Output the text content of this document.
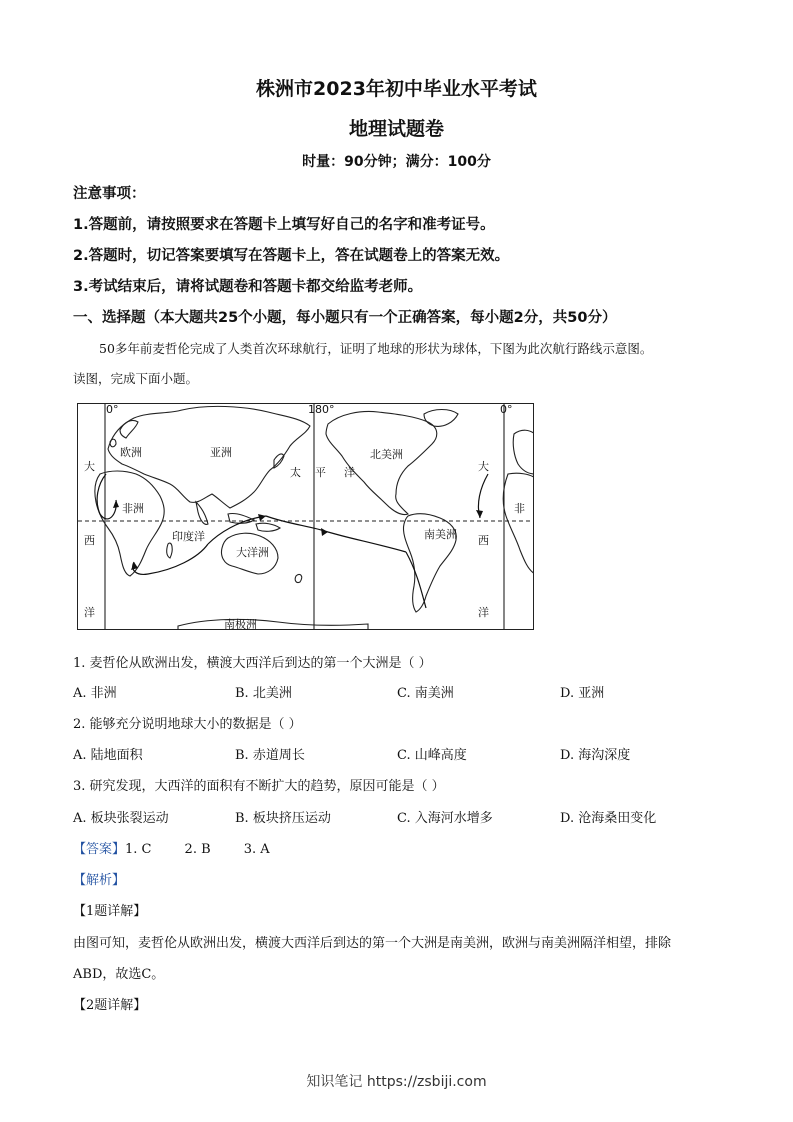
株洲市2023年初中毕业水平考试
地理试题卷
时量：90分钟；满分：100分
注意事项：
1.答题前，请按照要求在答题卡上填写好自己的名字和准考证号。
2.答题时，切记答案要填写在答题卡上，答在试题卷上的答案无效。
3.考试结束后，请将试题卷和答题卡都交给监考老师。
一、选择题（本大题共25个小题，每小题只有一个正确答案，每小题2分，共50分）
50多年前麦哲伦完成了人类首次环球航行，证明了地球的形状为球体，下图为此次航行路线示意图。
读图，完成下面小题。
0°	180°	0°
欧洲	亚洲	北美洲
非洲	非
太 平 洋
印度洋
大洋洲
南美洲
南极洲
大
西
洋
大
西
洋
1. 麦哲伦从欧洲出发，横渡大西洋后到达的第一个大洲是（ ）
A. 非洲	B. 北美洲	C. 南美洲	D. 亚洲
2. 能够充分说明地球大小的数据是（ ）
A. 陆地面积	B. 赤道周长	C. 山峰高度	D. 海沟深度
3. 研究发现，大西洋的面积有不断扩大的趋势，原因可能是（ ）
A. 板块张裂运动	B. 板块挤压运动	C. 入海河水增多	D. 沧海桑田变化
【答案】1. C        2. B        3. A
【解析】
【1题详解】
由图可知，麦哲伦从欧洲出发，横渡大西洋后到达的第一个大洲是南美洲，欧洲与南美洲隔洋相望，排除
ABD，故选C。
【2题详解】
知识笔记 https://zsbiji.com
